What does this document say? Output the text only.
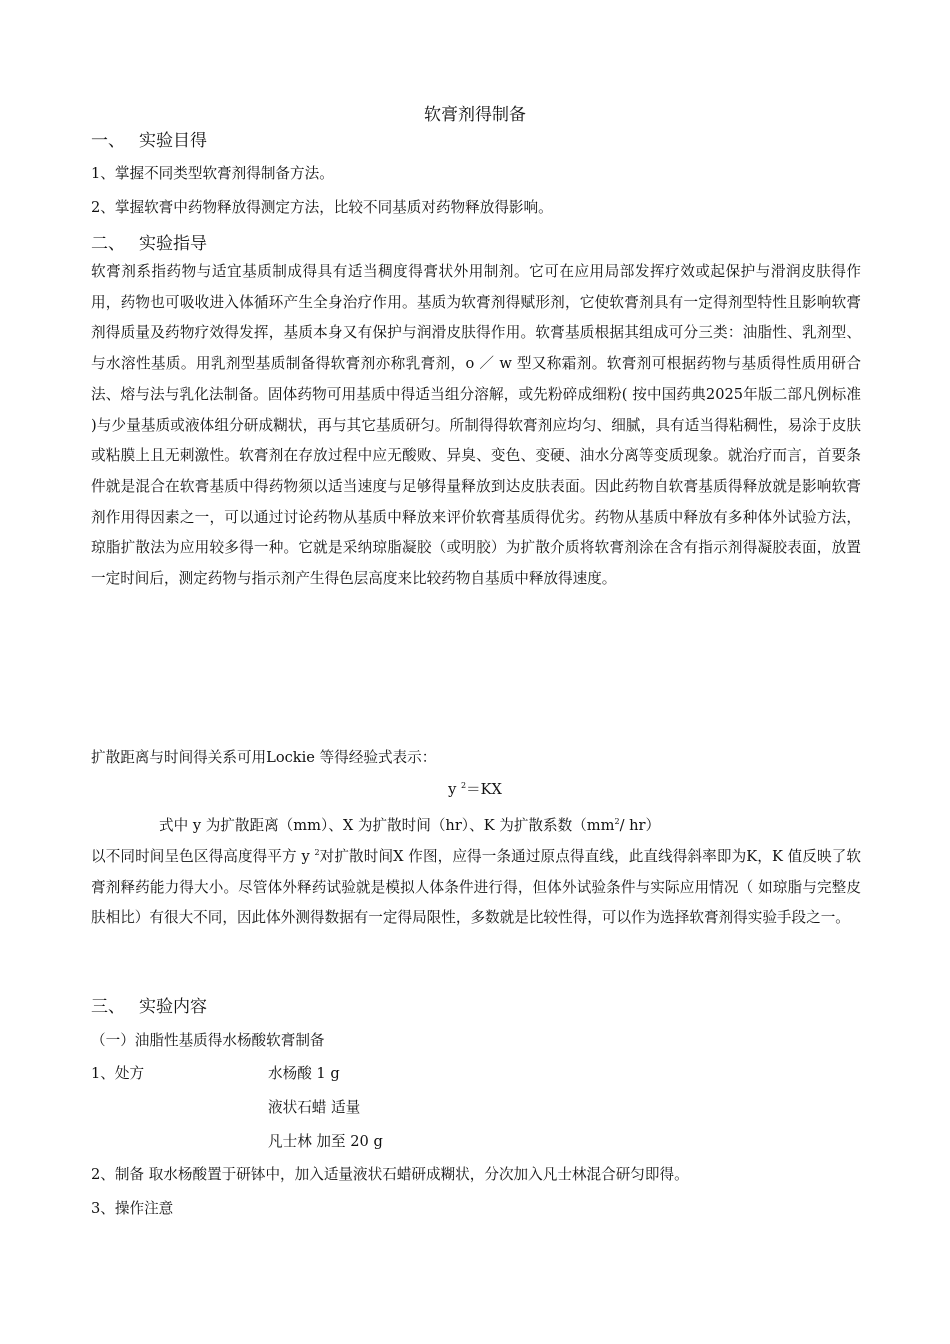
软膏剂得制备
一、 实验目得
1、掌握不同类型软膏剂得制备方法。
2、掌握软膏中药物释放得测定方法，比较不同基质对药物释放得影响。
二、 实验指导
软膏剂系指药物与适宜基质制成得具有适当稠度得膏状外用制剂。它可在应用局部发挥疗效或起保护与滑润皮肤得作用，药物也可吸收进入体循环产生全身治疗作用。基质为软膏剂得赋形剂，它使软膏剂具有一定得剂型特性且影响软膏剂得质量及药物疗效得发挥，基质本身又有保护与润滑皮肤得作用。软膏基质根据其组成可分三类：油脂性、乳剂型、与水溶性基质。用乳剂型基质制备得软膏剂亦称乳膏剂，o ／ w 型又称霜剂。软膏剂可根据药物与基质得性质用研合法、熔与法与乳化法制备。固体药物可用基质中得适当组分溶解，或先粉碎成细粉( 按中国药典2025年版二部凡例标准 )与少量基质或液体组分研成糊状，再与其它基质研匀。所制得得软膏剂应均匀、细腻，具有适当得粘稠性，易涂于皮肤或粘膜上且无刺激性。软膏剂在存放过程中应无酸败、异臭、变色、变硬、油水分离等变质现象。就治疗而言，首要条件就是混合在软膏基质中得药物须以适当速度与足够得量释放到达皮肤表面。因此药物自软膏基质得释放就是影响软膏剂作用得因素之一，可以通过讨论药物从基质中释放来评价软膏基质得优劣。药物从基质中释放有多种体外试验方法，琼脂扩散法为应用较多得一种。它就是采纳琼脂凝胶（或明胶）为扩散介质将软膏剂涂在含有指示剂得凝胶表面，放置一定时间后，测定药物与指示剂产生得色层高度来比较药物自基质中释放得速度。
扩散距离与时间得关系可用Lockie 等得经验式表示：
y $^2$＝KX
式中 y 为扩散距离（mm）、X 为扩散时间（hr）、K 为扩散系数（$mm^2/$ hr）
以不同时间呈色区得高度得平方 y $^2$对扩散时间X 作图，应得一条通过原点得直线，此直线得斜率即为K，K 值反映了软膏剂释药能力得大小。尽管体外释药试验就是模拟人体条件进行得，但体外试验条件与实际应用情况（ 如琼脂与完整皮肤相比）有很大不同，因此体外测得数据有一定得局限性，多数就是比较性得，可以作为选择软膏剂得实验手段之一。
三、 实验内容
（一）油脂性基质得水杨酸软膏制备
1、处方	水杨酸 1 g
液状石蜡 适量
凡士林 加至 20 g
2、制备 取水杨酸置于研钵中，加入适量液状石蜡研成糊状，分次加入凡士林混合研匀即得。
3、操作注意
